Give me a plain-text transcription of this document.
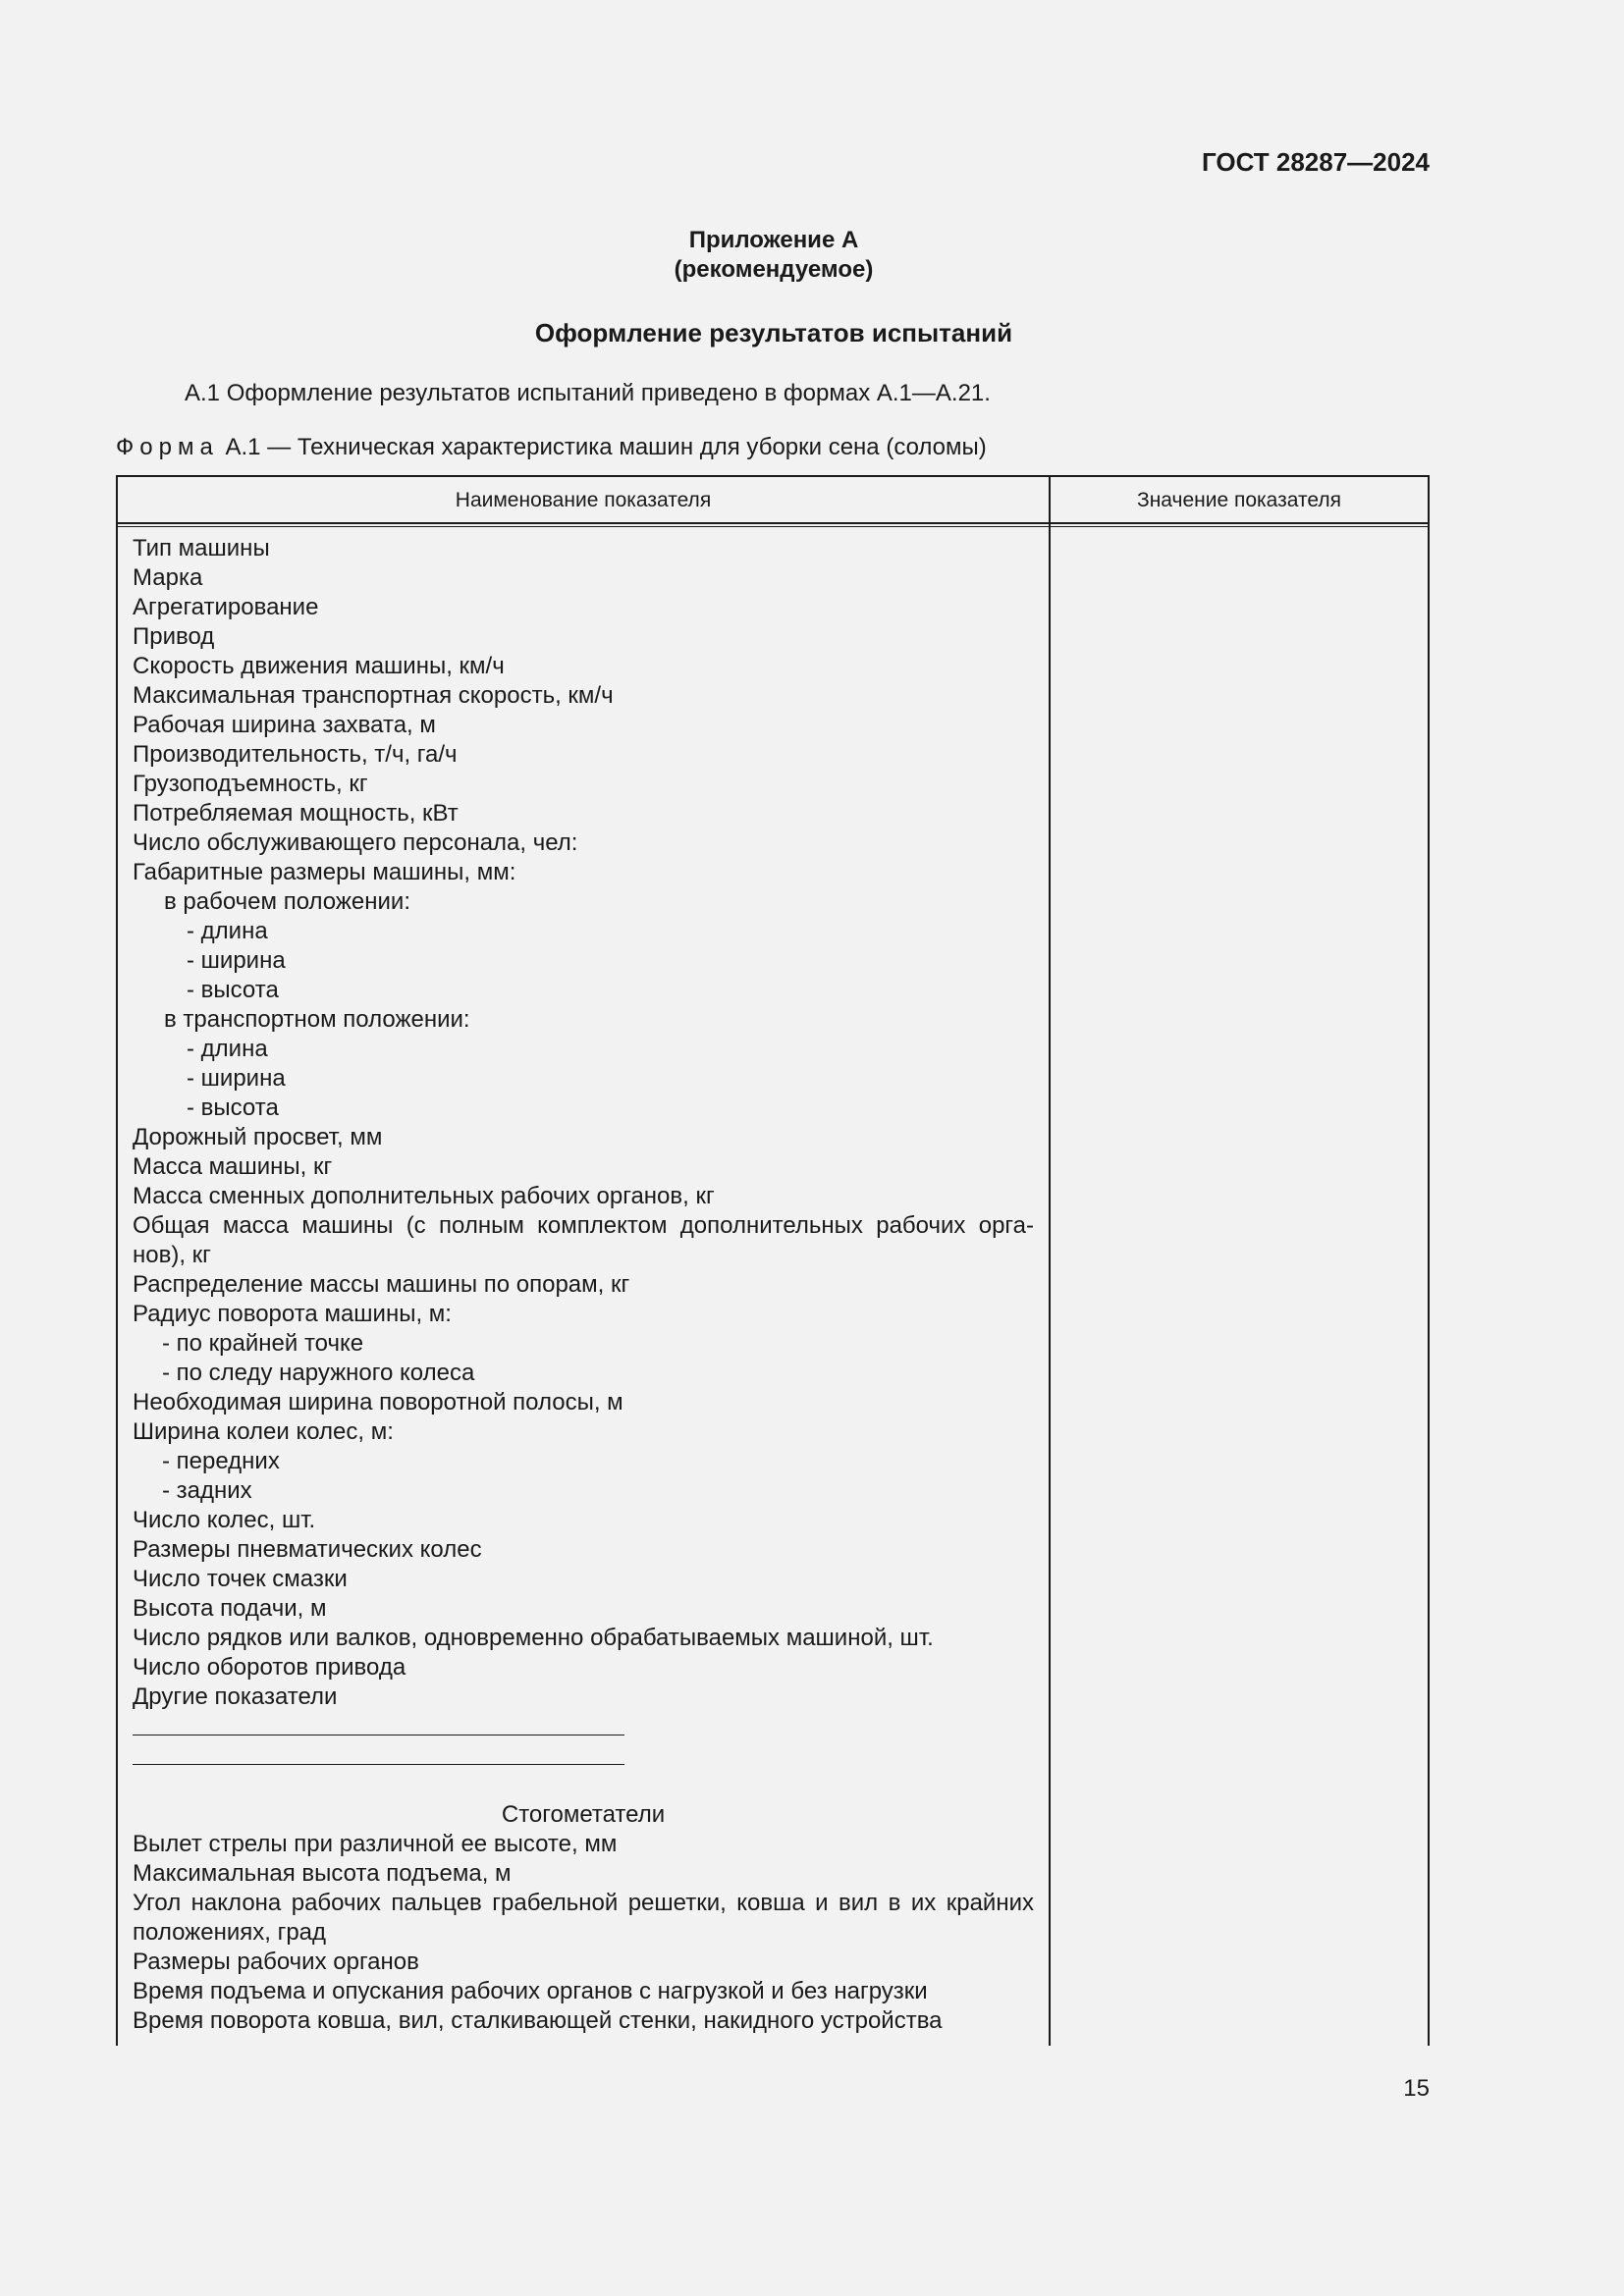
ГОСТ 28287—2024
Приложение А
(рекомендуемое)
Оформление результатов испытаний
А.1 Оформление результатов испытаний приведено в формах А.1—А.21.
Форма А.1 — Техническая характеристика машин для уборки сена (соломы)
Наименование показателя	Значение показателя
Тип машины
Марка
Агрегатирование
Привод
Скорость движения машины, км/ч
Максимальная транспортная скорость, км/ч
Рабочая ширина захвата, м
Производительность, т/ч, га/ч
Грузоподъемность, кг
Потребляемая мощность, кВт
Число обслуживающего персонала, чел:
Габаритные размеры машины, мм:
в рабочем положении:
- длина
- ширина
- высота
в транспортном положении:
- длина
- ширина
- высота
Дорожный просвет, мм
Масса машины, кг
Масса сменных дополнительных рабочих органов, кг
Общая масса машины (с полным комплектом дополнительных рабочих орга-нов), кг
Распределение массы машины по опорам, кг
Радиус поворота машины, м:
- по крайней точке
- по следу наружного колеса
Необходимая ширина поворотной полосы, м
Ширина колеи колес, м:
- передних
- задних
Число колес, шт.
Размеры пневматических колес
Число точек смазки
Высота подачи, м
Число рядков или валков, одновременно обрабатываемых машиной, шт.
Число оборотов привода
Другие показатели
Стогометатели
Вылет стрелы при различной ее высоте, мм
Максимальная высота подъема, м
Угол наклона рабочих пальцев грабельной решетки, ковша и вил в их крайних положениях, град
Размеры рабочих органов
Время подъема и опускания рабочих органов с нагрузкой и без нагрузки
Время поворота ковша, вил, сталкивающей стенки, накидного устройства
15
